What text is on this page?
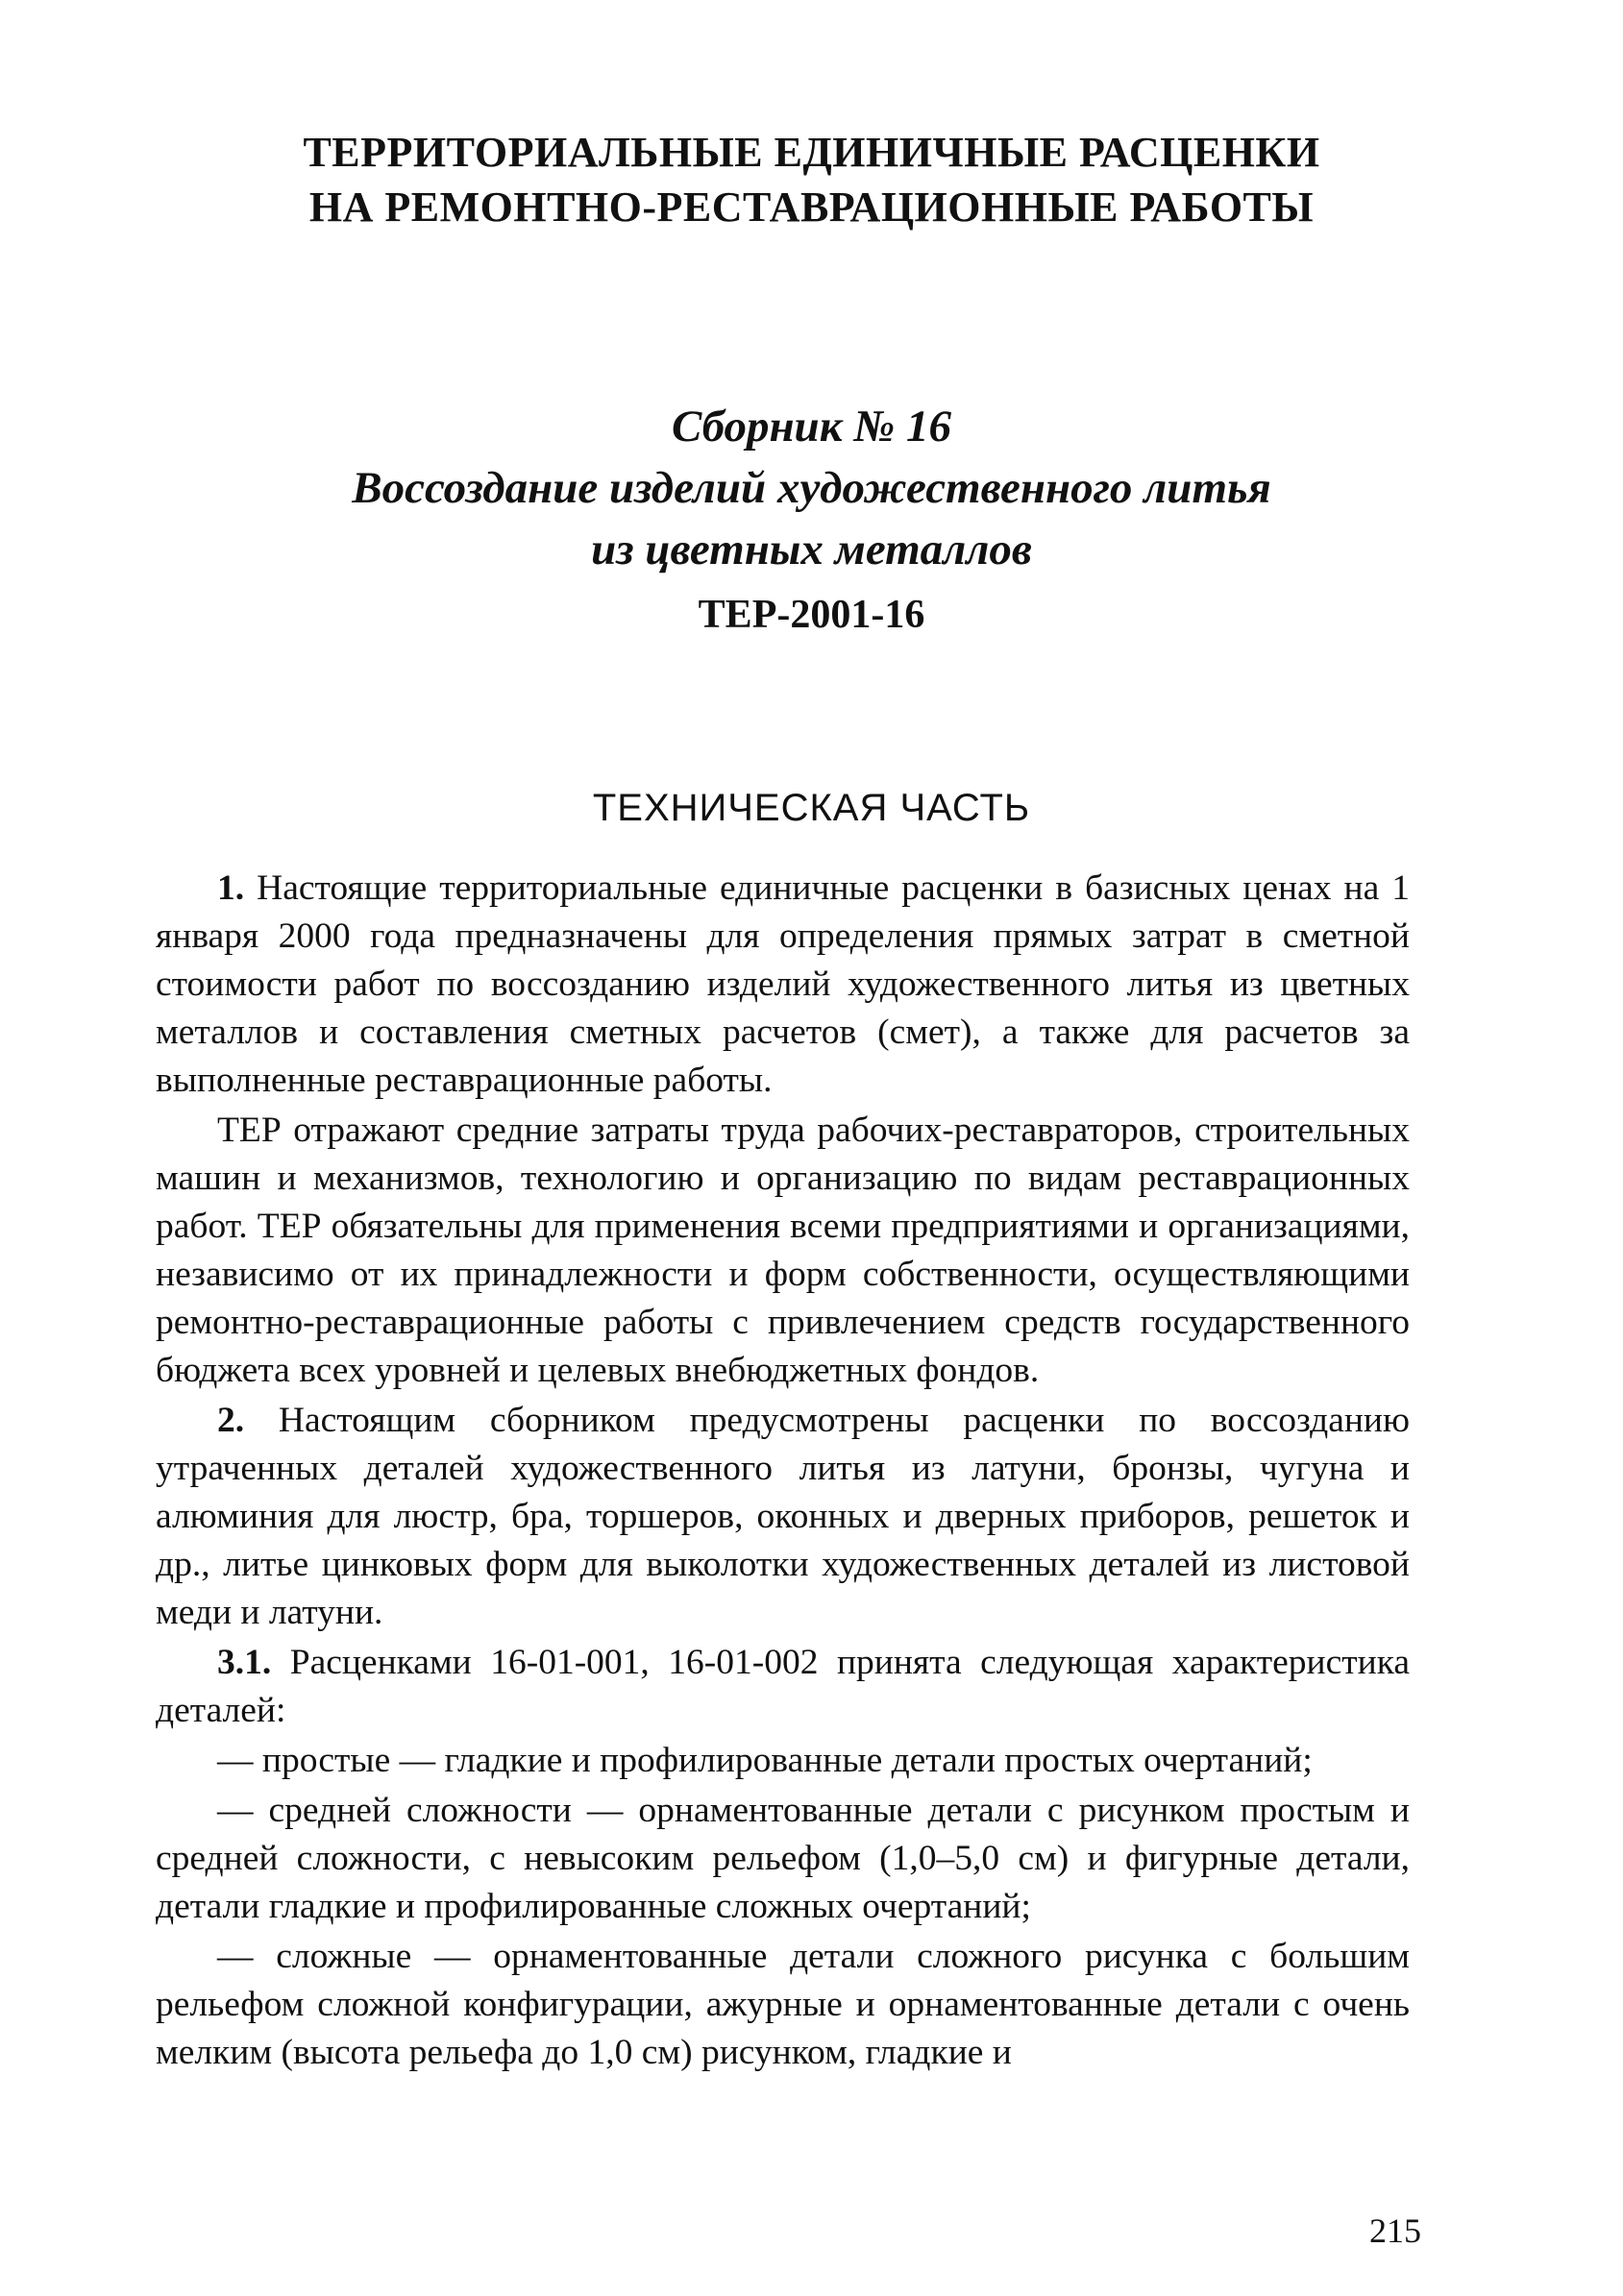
ТЕРРИТОРИАЛЬНЫЕ ЕДИНИЧНЫЕ РАСЦЕНКИ
НА РЕМОНТНО-РЕСТАВРАЦИОННЫЕ РАБОТЫ
Сборник № 16
Воссоздание изделий художественного литья
из цветных металлов
ТЕР-2001-16
ТЕХНИЧЕСКАЯ ЧАСТЬ

1. Настоящие территориальные единичные расценки в базисных ценах на 1 января 2000 года предназначены для определения прямых затрат в сметной стоимости работ по воссозданию изделий художественного литья из цветных металлов и составления сметных расчетов (смет), а также для расчетов за выполненные реставрационные работы.

ТЕР отражают средние затраты труда рабочих-реставраторов, строительных машин и механизмов, технологию и организацию по видам реставрационных работ. ТЕР обязательны для применения всеми предприятиями и организациями, независимо от их принадлежности и форм собственности, осуществляющими ремонтно-реставрационные работы с привлечением средств государственного бюджета всех уровней и целевых внебюджетных фондов.

2. Настоящим сборником предусмотрены расценки по воссозданию утраченных деталей художественного литья из латуни, бронзы, чугуна и алюминия для люстр, бра, торшеров, оконных и дверных приборов, решеток и др., литье цинковых форм для выколотки художественных деталей из листовой меди и латуни.

3.1. Расценками 16-01-001, 16-01-002 принята следующая характеристика деталей:

— простые — гладкие и профилированные детали простых очертаний;

— средней сложности — орнаментованные детали с рисунком простым и средней сложности, с невысоким рельефом (1,0–5,0 см) и фигурные детали, детали гладкие и профилированные сложных очертаний;

— сложные — орнаментованные детали сложного рисунка с большим рельефом сложной конфигурации, ажурные и орнаментованные детали с очень мелким (высота рельефа до 1,0 см) рисунком, гладкие и

215
